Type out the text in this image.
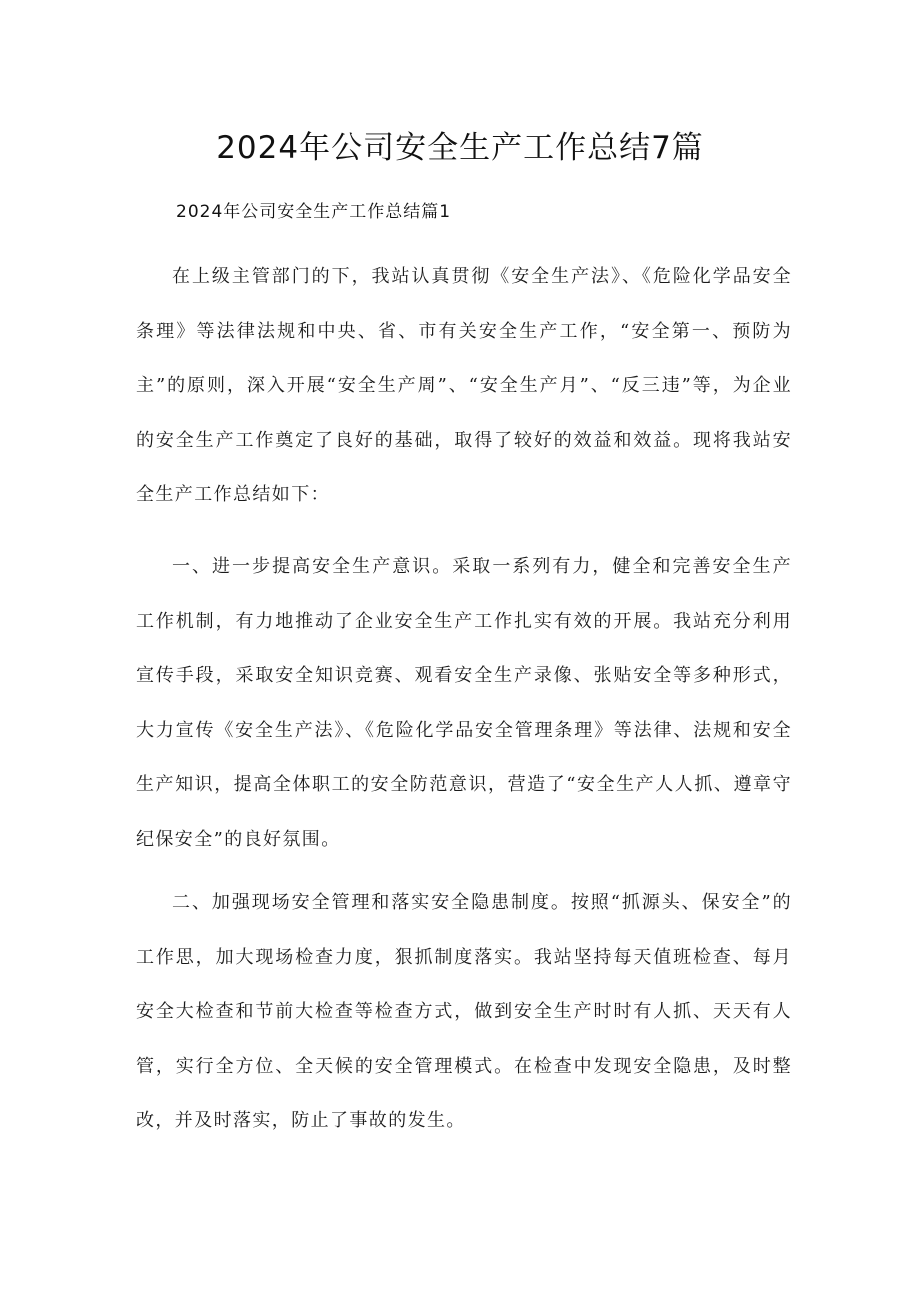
2024年公司安全生产工作总结7篇
2024年公司安全生产工作总结篇1

在上级主管部门的下，我站认真贯彻《安全生产法》、《危险化学品安全条理》等法律法规和中央、省、市有关安全生产工作，“安全第一、预防为主”的原则，深入开展“安全生产周”、“安全生产月”、“反三违”等，为企业的安全生产工作奠定了良好的基础，取得了较好的效益和效益。现将我站安全生产工作总结如下：

一、进一步提高安全生产意识。采取一系列有力，健全和完善安全生产工作机制，有力地推动了企业安全生产工作扎实有效的开展。我站充分利用宣传手段，采取安全知识竞赛、观看安全生产录像、张贴安全等多种形式，大力宣传《安全生产法》、《危险化学品安全管理条理》等法律、法规和安全生产知识，提高全体职工的安全防范意识，营造了“安全生产人人抓、遵章守纪保安全”的良好氛围。

二、加强现场安全管理和落实安全隐患制度。按照“抓源头、保安全”的工作思，加大现场检查力度，狠抓制度落实。我站坚持每天值班检查、每月安全大检查和节前大检查等检查方式，做到安全生产时时有人抓、天天有人管，实行全方位、全天候的安全管理模式。在检查中发现安全隐患，及时整改，并及时落实，防止了事故的发生。
